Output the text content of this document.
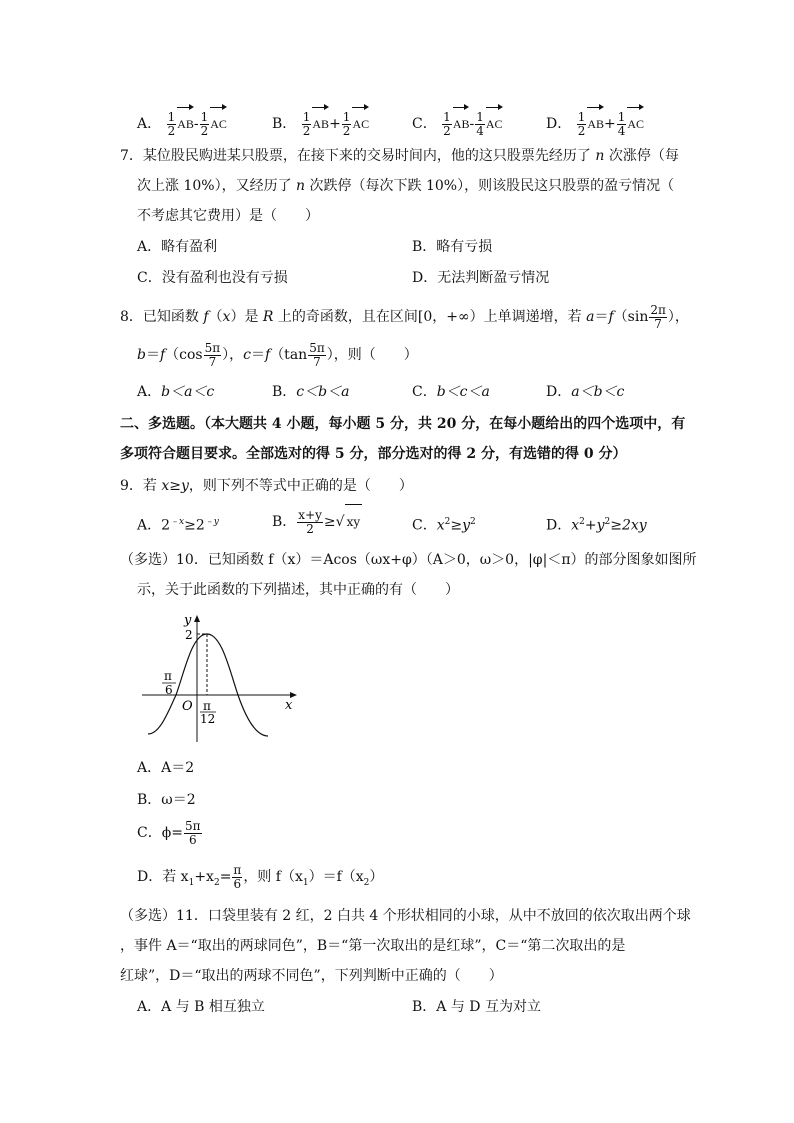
A． $\frac{1}{2} AB- \frac{1}{2}$ AC	B． $\frac{1}{2} AB+ \frac{1}{2}$ AC	C． $\frac{1}{2} AB- \frac{1}{4}$ AC	D． $\frac{1}{2} AB+ \frac{1}{4}$ AC
7．某位股民购进某只股票，在接下来的交易时间内，他的这只股票先经历了 n 次涨停（每
次上涨 10%），又经历了 n 次跌停（每次下跌 10%），则该股民这只股票的盈亏情况（
不考虑其它费用）是（　　）
A．略有盈利	B．略有亏损
C．没有盈利也没有亏损	D．无法判断盈亏情况
8．已知函数 f（x）是 R 上的奇函数，且在区间[0，+∞）上单调递增，若 $a=f(\sin \frac{2\pi}{7}$ ），
$b=f(\cos \frac{5\pi}{7}$ ），$c=f(\tan \frac{5\pi}{7}$ ），则（　　）
A．b＜a＜c	B．c＜b＜a	C．b＜c＜a	D．a＜b＜c
二、多选题。（本大题共 4 小题，每小题 5 分，共 20 分，在每小题给出的四个选项中，有
多项符合题目要求。全部选对的得 5 分，部分选对的得 2 分，有选错的得 0 分）
9．若 x≥y，则下列不等式中正确的是（　　）
A．$2^{﹣x}\ge 2^{﹣y}$	B． $\frac{x+y}{2}$ ≥√ xy	C．$x^2\ge y^2$	D．$x^2+y^2\ge 2xy$
（多选）10．已知函数 f（x）＝Acos（ωx+φ）（A＞0，ω＞0，|φ|＜π）的部分图象如图所
示，关于此函数的下列描述，其中正确的有（　　）
y
x
O
2
π
6
π
12
A．A＝2
B．ω＝2
C．$\phi= \frac{5\pi}{6}$
D．若 $x_1+x_2= \frac{\pi}{6}$ ，则 $f(x_1)=f(x_2)$
（多选）11．口袋里装有 2 红，2 白共 4 个形状相同的小球，从中不放回的依次取出两个球
，事件 A＝“取出的两球同色”，B＝“第一次取出的是红球”，C＝“第二次取出的是
红球”，D＝“取出的两球不同色”，下列判断中正确的（　　）
A．A 与 B 相互独立	B．A 与 D 互为对立
